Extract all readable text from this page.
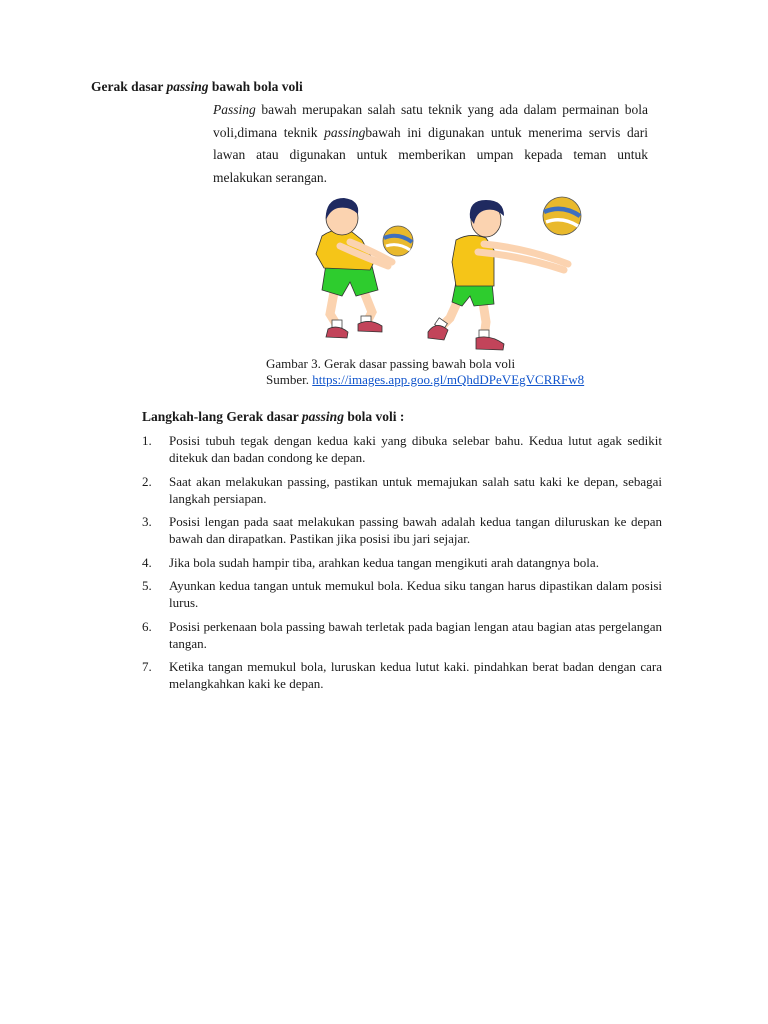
Gerak dasar passing bawah bola voli

Passing bawah merupakan salah satu teknik yang ada dalam permainan bola voli,dimana teknik passingbawah ini digunakan untuk menerima servis dari lawan atau digunakan untuk memberikan umpan kepada teman untuk melakukan serangan.

Gambar 3. Gerak dasar passing bawah bola voli
Sumber. https://images.app.goo.gl/mQhdDPeVEgVCRRFw8

Langkah-lang Gerak dasar passing bola voli :

1. Posisi tubuh tegak dengan kedua kaki yang dibuka selebar bahu. Kedua lutut agak sedikit ditekuk dan badan condong ke depan.
2. Saat akan melakukan passing, pastikan untuk memajukan salah satu kaki ke depan, sebagai langkah persiapan.
3. Posisi lengan pada saat melakukan passing bawah adalah kedua tangan diluruskan ke depan bawah dan dirapatkan. Pastikan jika posisi ibu jari sejajar.
4. Jika bola sudah hampir tiba, arahkan kedua tangan mengikuti arah datangnya bola.
5. Ayunkan kedua tangan untuk memukul bola. Kedua siku tangan harus dipastikan dalam posisi lurus.
6. Posisi perkenaan bola passing bawah terletak pada bagian lengan atau bagian atas pergelangan tangan.
7. Ketika tangan memukul bola, luruskan kedua lutut kaki. pindahkan berat badan dengan cara melangkahkan kaki ke depan.
